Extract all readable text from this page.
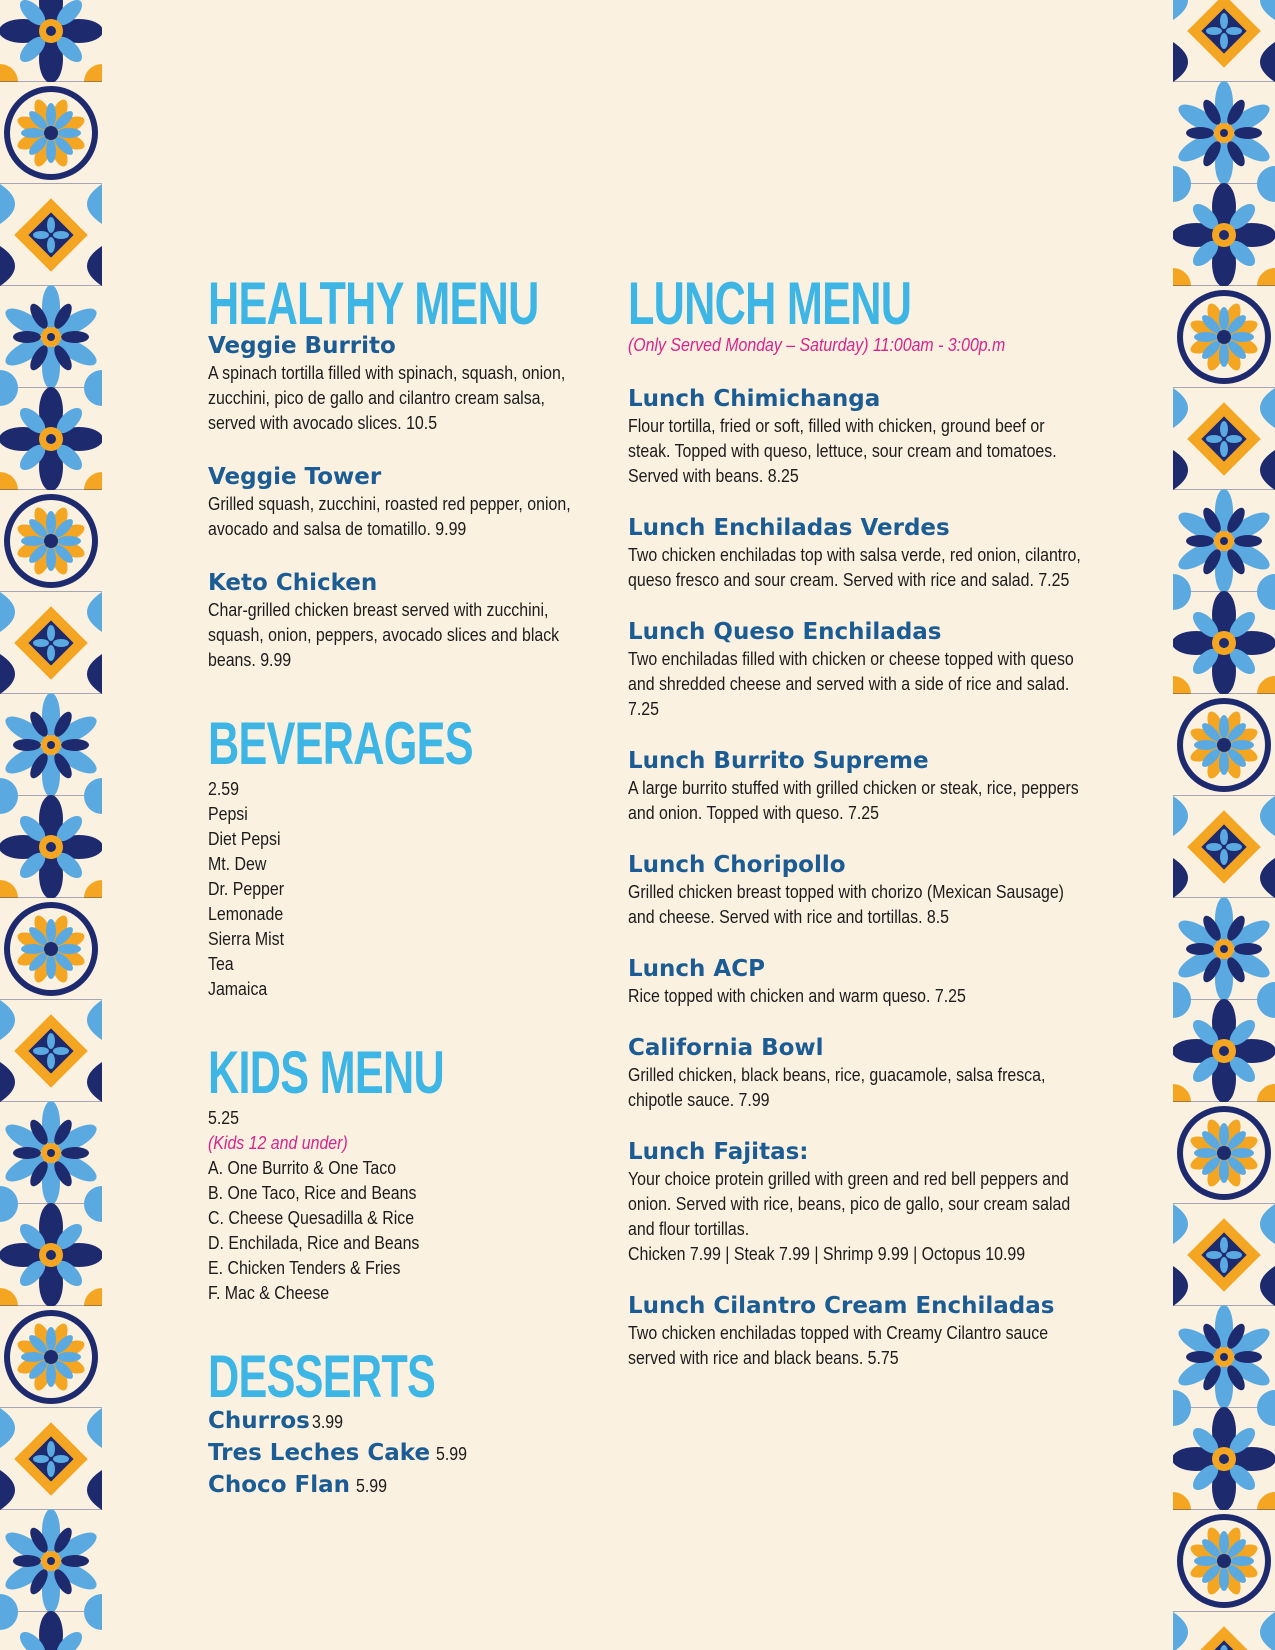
HEALTHY MENU
Veggie Burrito
A spinach tortilla filled with spinach, squash, onion, zucchini, pico de gallo and cilantro cream salsa, served with avocado slices. 10.5
Veggie Tower
Grilled squash, zucchini, roasted red pepper, onion, avocado and salsa de tomatillo. 9.99
Keto Chicken
Char-grilled chicken breast served with zucchini, squash, onion, peppers, avocado slices and black beans. 9.99
BEVERAGES
2.59
Pepsi
Diet Pepsi
Mt. Dew
Dr. Pepper
Lemonade
Sierra Mist
Tea
Jamaica
KIDS MENU
5.25
(Kids 12 and under)
A. One Burrito & One Taco
B. One Taco, Rice and Beans
C. Cheese Quesadilla & Rice
D. Enchilada, Rice and Beans
E. Chicken Tenders & Fries
F. Mac & Cheese
DESSERTS
Churros 3.99
Tres Leches Cake 5.99
Choco Flan 5.99
LUNCH MENU
(Only Served Monday – Saturday) 11:00am - 3:00p.m
Lunch Chimichanga
Flour tortilla, fried or soft, filled with chicken, ground beef or steak. Topped with queso, lettuce, sour cream and tomatoes. Served with beans. 8.25
Lunch Enchiladas Verdes
Two chicken enchiladas top with salsa verde, red onion, cilantro, queso fresco and sour cream. Served with rice and salad. 7.25
Lunch Queso Enchiladas
Two enchiladas filled with chicken or cheese topped with queso and shredded cheese and served with a side of rice and salad. 7.25
Lunch Burrito Supreme
A large burrito stuffed with grilled chicken or steak, rice, peppers and onion. Topped with queso. 7.25
Lunch Choripollo
Grilled chicken breast topped with chorizo (Mexican Sausage) and cheese. Served with rice and tortillas. 8.5
Lunch ACP
Rice topped with chicken and warm queso. 7.25
California Bowl
Grilled chicken, black beans, rice, guacamole, salsa fresca, chipotle sauce. 7.99
Lunch Fajitas:
Your choice protein grilled with green and red bell peppers and onion. Served with rice, beans, pico de gallo, sour cream salad and flour tortillas.
Chicken 7.99 | Steak 7.99 | Shrimp 9.99 | Octopus 10.99
Lunch Cilantro Cream Enchiladas
Two chicken enchiladas topped with Creamy Cilantro sauce served with rice and black beans. 5.75
